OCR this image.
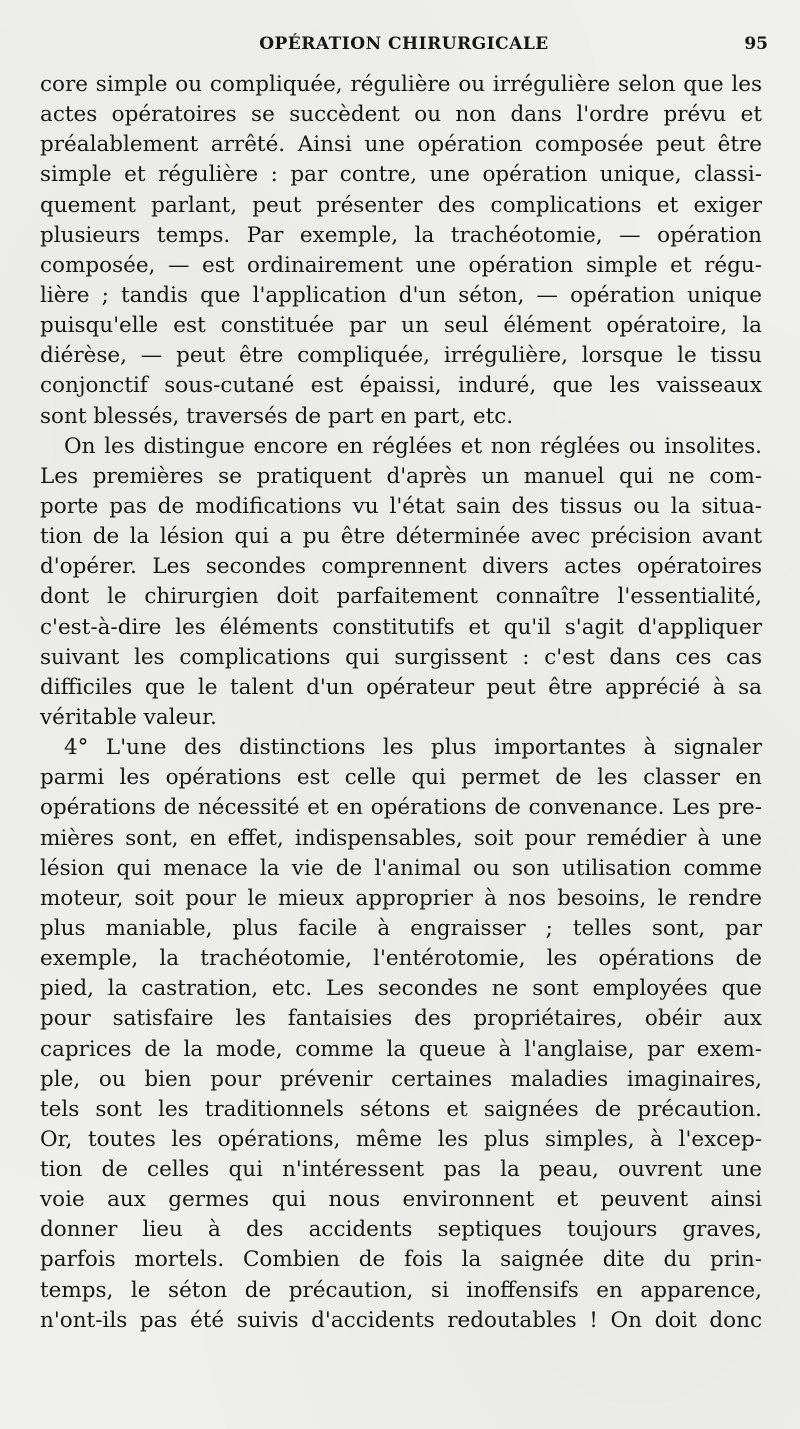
OPÉRATION CHIRURGICALE	95
core simple ou compliquée, régulière ou irrégulière selon que les
actes opératoires se succèdent ou non dans l'ordre prévu et
préalablement arrêté. Ainsi une opération composée peut être
simple et régulière : par contre, une opération unique, classi-
quement parlant, peut présenter des complications et exiger
plusieurs temps. Par exemple, la trachéotomie, — opération
composée, — est ordinairement une opération simple et régu-
lière ; tandis que l'application d'un séton, — opération unique
puisqu'elle est constituée par un seul élément opératoire, la
diérèse, — peut être compliquée, irrégulière, lorsque le tissu
conjonctif sous-cutané est épaissi, induré, que les vaisseaux
sont blessés, traversés de part en part, etc.
On les distingue encore en réglées et non réglées ou insolites.
Les premières se pratiquent d'après un manuel qui ne com-
porte pas de modifications vu l'état sain des tissus ou la situa-
tion de la lésion qui a pu être déterminée avec précision avant
d'opérer. Les secondes comprennent divers actes opératoires
dont le chirurgien doit parfaitement connaître l'essentialité,
c'est-à-dire les éléments constitutifs et qu'il s'agit d'appliquer
suivant les complications qui surgissent : c'est dans ces cas
difficiles que le talent d'un opérateur peut être apprécié à sa
véritable valeur.
4° L'une des distinctions les plus importantes à signaler
parmi les opérations est celle qui permet de les classer en
opérations de nécessité et en opérations de convenance. Les pre-
mières sont, en effet, indispensables, soit pour remédier à une
lésion qui menace la vie de l'animal ou son utilisation comme
moteur, soit pour le mieux approprier à nos besoins, le rendre
plus maniable, plus facile à engraisser ; telles sont, par
exemple, la trachéotomie, l'entérotomie, les opérations de
pied, la castration, etc. Les secondes ne sont employées que
pour satisfaire les fantaisies des propriétaires, obéir aux
caprices de la mode, comme la queue à l'anglaise, par exem-
ple, ou bien pour prévenir certaines maladies imaginaires,
tels sont les traditionnels sétons et saignées de précaution.
Or, toutes les opérations, même les plus simples, à l'excep-
tion de celles qui n'intéressent pas la peau, ouvrent une
voie aux germes qui nous environnent et peuvent ainsi
donner lieu à des accidents septiques toujours graves,
parfois mortels. Combien de fois la saignée dite du prin-
temps, le séton de précaution, si inoffensifs en apparence,
n'ont-ils pas été suivis d'accidents redoutables ! On doit donc
